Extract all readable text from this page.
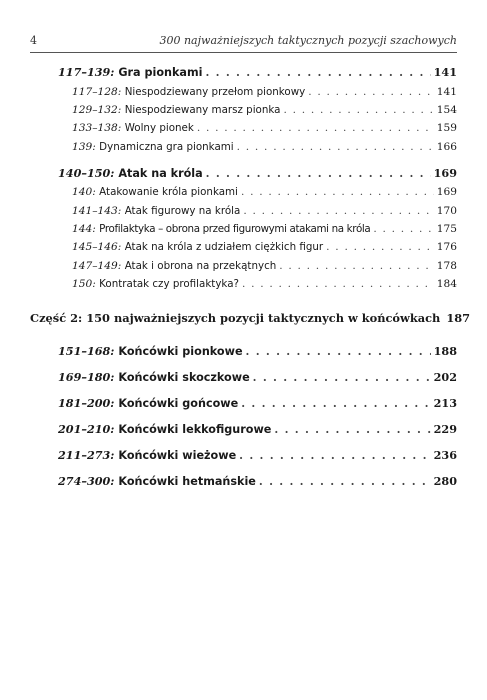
4	300 najważniejszych taktycznych pozycji szachowych
117–139:
Gra pionkami . . .	141
117–128:
Niespodziewany przełom pionkowy . . .	141
129–132:
Niespodziewany marsz pionka . . .	154
133–138:
Wolny pionek . . .	159
139:
Dynamiczna gra pionkami . . .	166
140–150:
Atak na króla . . .	169
140:
Atakowanie króla pionkami . . .	169
141–143:
Atak figurowy na króla . . .	170
144:
Profilaktyka – obrona przed figurowymi atakami na króla . . .	175
145–146:
Atak na króla z udziałem ciężkich figur . . .	176
147–149:
Atak i obrona na przekątnych . . .	178
150:
Kontratak czy profilaktyka? . . .	184
Część 2:
150 najważniejszych pozycji taktycznych w końcówkach 187
151–168:
Końcówki pionkowe . . .	188
169–180:
Końcówki skoczkowe . . .	202
181–200:
Końcówki gońcowe . . .	213
201–210:
Końcówki lekkofigurowe . . .	229
211–273:
Końcówki wieżowe . . .	236
274–300:
Końcówki hetmańskie . . .	280
